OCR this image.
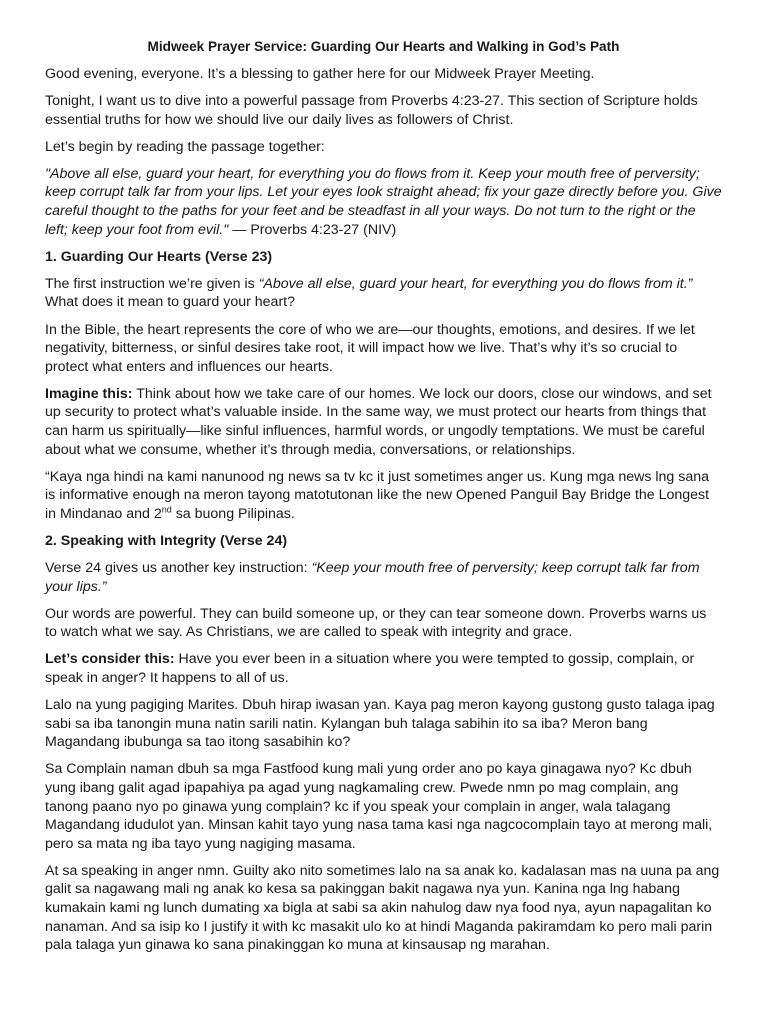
Midweek Prayer Service: Guarding Our Hearts and Walking in God’s Path

Good evening, everyone. It’s a blessing to gather here for our Midweek Prayer Meeting.

Tonight, I want us to dive into a powerful passage from Proverbs 4:23-27. This section of Scripture holds essential truths for how we should live our daily lives as followers of Christ.

Let’s begin by reading the passage together:

"Above all else, guard your heart, for everything you do flows from it. Keep your mouth free of perversity; keep corrupt talk far from your lips. Let your eyes look straight ahead; fix your gaze directly before you. Give careful thought to the paths for your feet and be steadfast in all your ways. Do not turn to the right or the left; keep your foot from evil." — Proverbs 4:23-27 (NIV)

1. Guarding Our Hearts (Verse 23)

The first instruction we’re given is “Above all else, guard your heart, for everything you do flows from it.” What does it mean to guard your heart?

In the Bible, the heart represents the core of who we are—our thoughts, emotions, and desires. If we let negativity, bitterness, or sinful desires take root, it will impact how we live. That’s why it’s so crucial to protect what enters and influences our hearts.

Imagine this: Think about how we take care of our homes. We lock our doors, close our windows, and set up security to protect what’s valuable inside. In the same way, we must protect our hearts from things that can harm us spiritually—like sinful influences, harmful words, or ungodly temptations. We must be careful about what we consume, whether it’s through media, conversations, or relationships.

“Kaya nga hindi na kami nanunood ng news sa tv kc it just sometimes anger us. Kung mga news lng sana is informative enough na meron tayong matotutonan like the new Opened Panguil Bay Bridge the Longest in Mindanao and 2nd sa buong Pilipinas.

2. Speaking with Integrity (Verse 24)

Verse 24 gives us another key instruction: “Keep your mouth free of perversity; keep corrupt talk far from your lips.”

Our words are powerful. They can build someone up, or they can tear someone down. Proverbs warns us to watch what we say. As Christians, we are called to speak with integrity and grace.

Let’s consider this: Have you ever been in a situation where you were tempted to gossip, complain, or speak in anger? It happens to all of us.

Lalo na yung pagiging Marites. Dbuh hirap iwasan yan. Kaya pag meron kayong gustong gusto talaga ipag sabi sa iba tanongin muna natin sarili natin. Kylangan buh talaga sabihin ito sa iba? Meron bang Magandang ibubunga sa tao itong sasabihin ko?

Sa Complain naman dbuh sa mga Fastfood kung mali yung order ano po kaya ginagawa nyo? Kc dbuh yung ibang galit agad ipapahiya pa agad yung nagkamaling crew. Pwede nmn po mag complain, ang tanong paano nyo po ginawa yung complain? kc if you speak your complain in anger, wala talagang Magandang idudulot yan. Minsan kahit tayo yung nasa tama kasi nga nagcocomplain tayo at merong mali, pero sa mata ng iba tayo yung nagiging masama.

At sa speaking in anger nmn. Guilty ako nito sometimes lalo na sa anak ko. kadalasan mas na uuna pa ang galit sa nagawang mali ng anak ko kesa sa pakinggan bakit nagawa nya yun. Kanina nga lng habang kumakain kami ng lunch dumating xa bigla at sabi sa akin nahulog daw nya food nya, ayun napagalitan ko nanaman. And sa isip ko I justify it with kc masakit ulo ko at hindi Maganda pakiramdam ko pero mali parin pala talaga yun ginawa ko sana pinakinggan ko muna at kinsausap ng marahan.
